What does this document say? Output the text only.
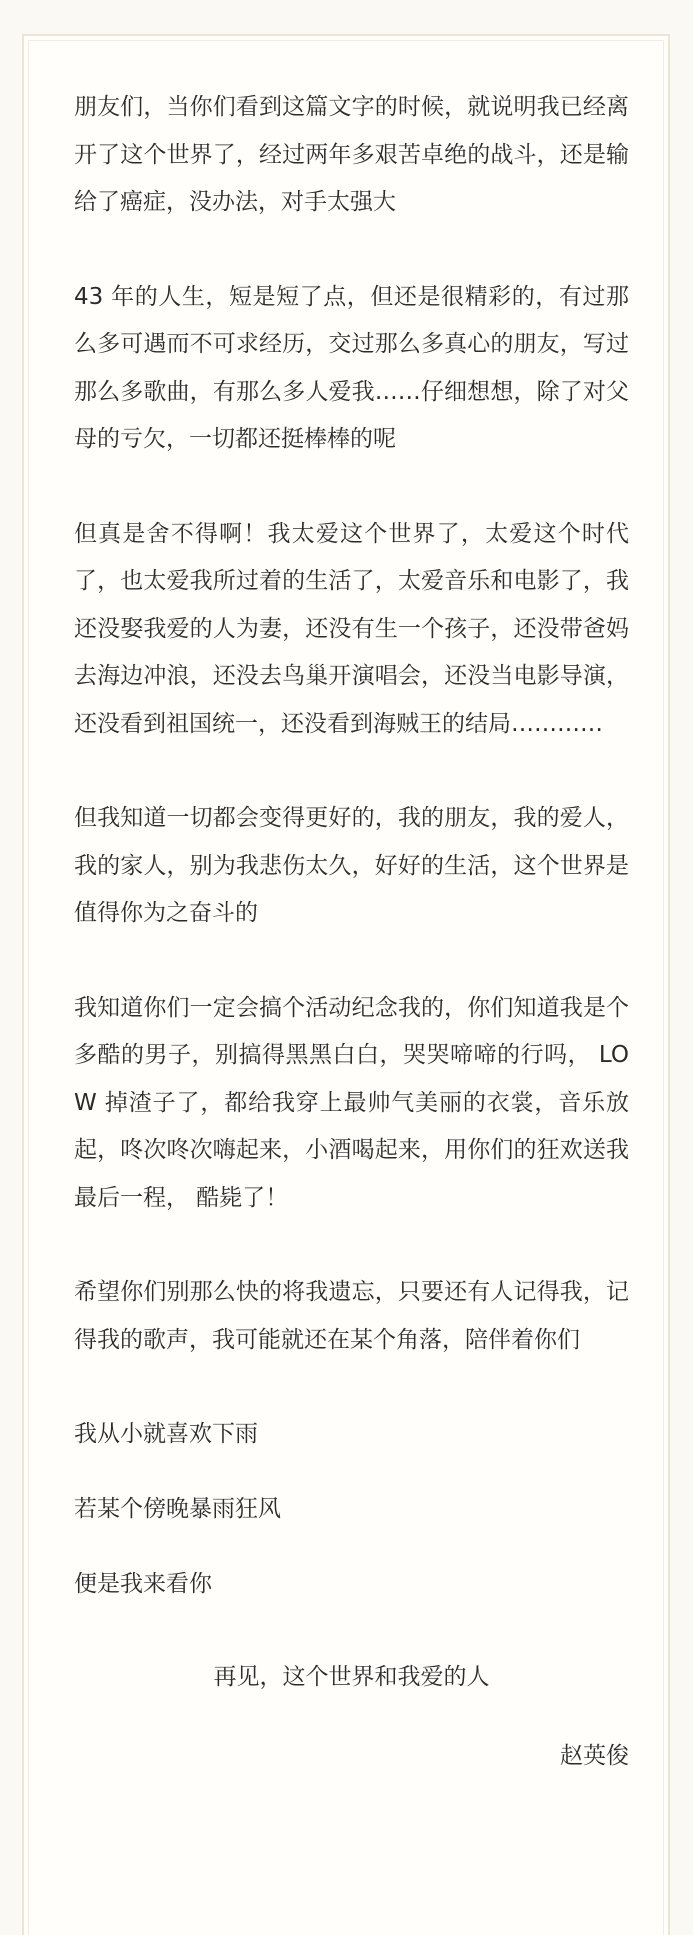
朋友们，当你们看到这篇文字的时候，就说明我已经离开了这个世界了，经过两年多艰苦卓绝的战斗，还是输给了癌症，没办法，对手太强大

43 年的人生，短是短了点，但还是很精彩的，有过那么多可遇而不可求经历，交过那么多真心的朋友，写过那么多歌曲，有那么多人爱我……仔细想想，除了对父母的亏欠，一切都还挺棒棒的呢

但真是舍不得啊！我太爱这个世界了，太爱这个时代了，也太爱我所过着的生活了，太爱音乐和电影了，我还没娶我爱的人为妻，还没有生一个孩子，还没带爸妈去海边冲浪，还没去鸟巢开演唱会，还没当电影导演，还没看到祖国统一，还没看到海贼王的结局…………

但我知道一切都会变得更好的，我的朋友，我的爱人，我的家人，别为我悲伤太久，好好的生活，这个世界是值得你为之奋斗的

我知道你们一定会搞个活动纪念我的，你们知道我是个多酷的男子，别搞得黑黑白白，哭哭啼啼的行吗， LOW 掉渣子了，都给我穿上最帅气美丽的衣裳，音乐放起，咚次咚次嗨起来，小酒喝起来，用你们的狂欢送我最后一程， 酷毙了！

希望你们别那么快的将我遗忘，只要还有人记得我，记得我的歌声，我可能就还在某个角落，陪伴着你们

我从小就喜欢下雨

若某个傍晚暴雨狂风

便是我来看你

再见，这个世界和我爱的人

赵英俊
